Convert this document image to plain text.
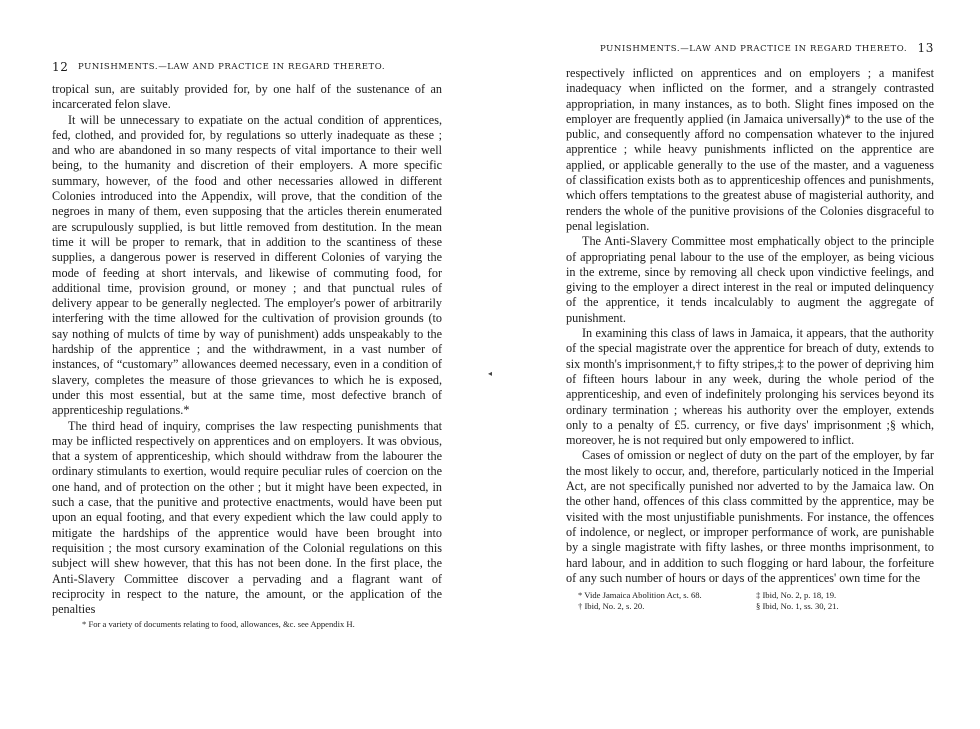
12 PUNISHMENTS.—LAW AND PRACTICE IN REGARD THERETO.

tropical sun, are suitably provided for, by one half of the sustenance of an incarcerated felon slave.

It will be unnecessary to expatiate on the actual condition of apprentices, fed, clothed, and provided for, by regulations so utterly inadequate as these ; and who are abandoned in so many respects of vital importance to their well being, to the humanity and discretion of their employers. A more specific summary, however, of the food and other necessaries allowed in different Colonies introduced into the Appendix, will prove, that the condition of the negroes in many of them, even supposing that the articles therein enumerated are scrupulously supplied, is but little removed from destitution. In the mean time it will be proper to remark, that in addition to the scantiness of these supplies, a dangerous power is reserved in different Colonies of varying the mode of feeding at short intervals, and likewise of commuting food, for additional time, provision ground, or money ; and that punctual rules of delivery appear to be generally neglected. The employer's power of arbitrarily interfering with the time allowed for the cultivation of provision grounds (to say nothing of mulcts of time by way of punishment) adds unspeakably to the hardship of the apprentice ; and the withdrawment, in a vast number of instances, of “customary” allowances deemed necessary, even in a condition of slavery, completes the measure of those grievances to which he is exposed, under this most essential, but at the same time, most defective branch of apprenticeship regulations.*

The third head of inquiry, comprises the law respecting punishments that may be inflicted respectively on apprentices and on employers. It was obvious, that a system of apprenticeship, which should withdraw from the labourer the ordinary stimulants to exertion, would require peculiar rules of coercion on the one hand, and of protection on the other ; but it might have been expected, in such a case, that the punitive and protective enactments, would have been put upon an equal footing, and that every expedient which the law could apply to mitigate the hardships of the apprentice would have been brought into requisition ; the most cursory examination of the Colonial regulations on this subject will shew however, that this has not been done. In the first place, the Anti-Slavery Committee discover a pervading and a flagrant want of reciprocity in respect to the nature, the amount, or the application of the penalties

* For a variety of documents relating to food, allowances, &c. see Appendix H.
◂
PUNISHMENTS.—LAW AND PRACTICE IN REGARD THERETO. 13

respectively inflicted on apprentices and on employers ; a manifest inadequacy when inflicted on the former, and a strangely contrasted appropriation, in many instances, as to both. Slight fines imposed on the employer are frequently applied (in Jamaica universally)* to the use of the public, and consequently afford no compensation whatever to the injured apprentice ; while heavy punishments inflicted on the apprentice are applied, or applicable generally to the use of the master, and a vagueness of classification exists both as to apprenticeship offences and punishments, which offers temptations to the greatest abuse of magisterial authority, and renders the whole of the punitive provisions of the Colonies disgraceful to penal legislation.

The Anti-Slavery Committee most emphatically object to the principle of appropriating penal labour to the use of the employer, as being vicious in the extreme, since by removing all check upon vindictive feelings, and giving to the employer a direct interest in the real or imputed delinquency of the apprentice, it tends incalculably to augment the aggregate of punishment.

In examining this class of laws in Jamaica, it appears, that the authority of the special magistrate over the apprentice for breach of duty, extends to six month's imprisonment,† to fifty stripes,‡ to the power of depriving him of fifteen hours labour in any week, during the whole period of the apprenticeship, and even of indefinitely prolonging his services beyond its ordinary termination ; whereas his authority over the employer, extends only to a penalty of £5. currency, or five days' imprisonment ;§ which, moreover, he is not required but only empowered to inflict.

Cases of omission or neglect of duty on the part of the employer, by far the most likely to occur, and, therefore, particularly noticed in the Imperial Act, are not specifically punished nor adverted to by the Jamaica law. On the other hand, offences of this class committed by the apprentice, may be visited with the most unjustifiable punishments. For instance, the offences of indolence, or neglect, or improper performance of work, are punishable by a single magistrate with fifty lashes, or three months imprisonment, to hard labour, and in addition to such flogging or hard labour, the forfeiture of any such number of hours or days of the apprentices' own time for the

* Vide Jamaica Abolition Act, s. 68.	‡ Ibid, No. 2, p. 18, 19.
† Ibid, No. 2, s. 20.	§ Ibid, No. 1, ss. 30, 21.
